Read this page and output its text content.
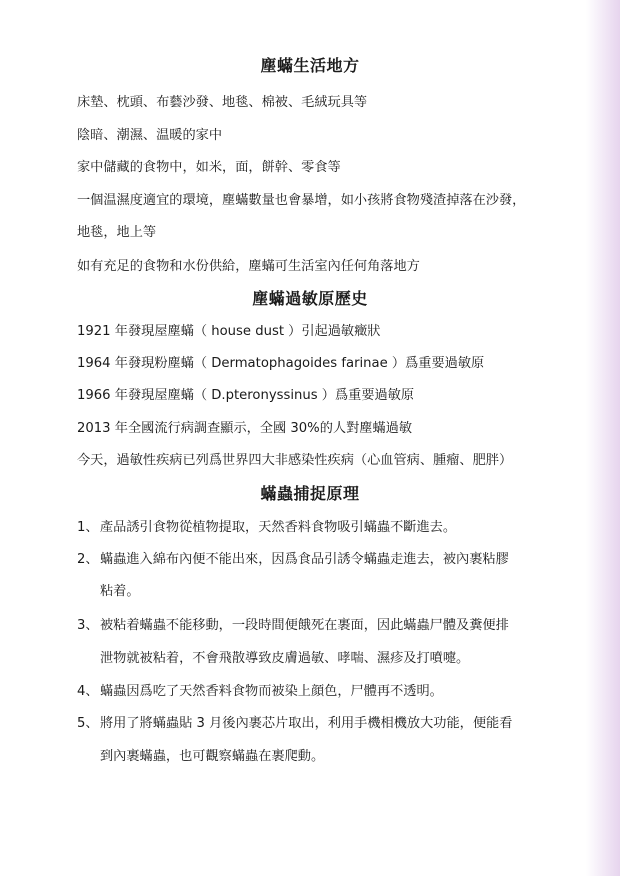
塵蟎生活地方
床墊、枕頭、布藝沙發、地毯、棉被、毛絨玩具等
陰暗、潮濕、温暖的家中
家中儲藏的食物中，如米，面，餅幹、零食等
一個温濕度適宜的環境，塵蟎數量也會暴增，如小孩將食物殘渣掉落在沙發，
地毯，地上等
如有充足的食物和水份供給，塵蟎可生活室內任何角落地方
塵蟎過敏原歷史
1921 年發現屋塵蟎（ house dust ）引起過敏癥狀
1964 年發現粉塵蟎（ Dermatophagoides farinae ）爲重要過敏原
1966 年發現屋塵蟎（ D.pteronyssinus ）爲重要過敏原
2013 年全國流行病調查顯示，全國 30%的人對塵蟎過敏
今天，過敏性疾病已列爲世界四大非感染性疾病（心血管病、腫瘤、肥胖）
蟎蟲捕捉原理
1、 產品誘引食物從植物提取，天然香料食物吸引蟎蟲不斷進去。
2、 蟎蟲進入綿布內便不能出來，因爲食品引誘令蟎蟲走進去，被內裹粘膠
粘着。
3、 被粘着蟎蟲不能移動，一段時間便餓死在裹面，因此蟎蟲尸體及糞便排
泄物就被粘着，不會飛散導致皮膚過敏、哮喘、濕疹及打噴嚏。
4、 蟎蟲因爲吃了天然香料食物而被染上顔色，尸體再不透明。
5、 將用了將蟎蟲貼 3 月後內裹芯片取出，利用手機相機放大功能，便能看
到內裹蟎蟲，也可觀察蟎蟲在裹爬動。
